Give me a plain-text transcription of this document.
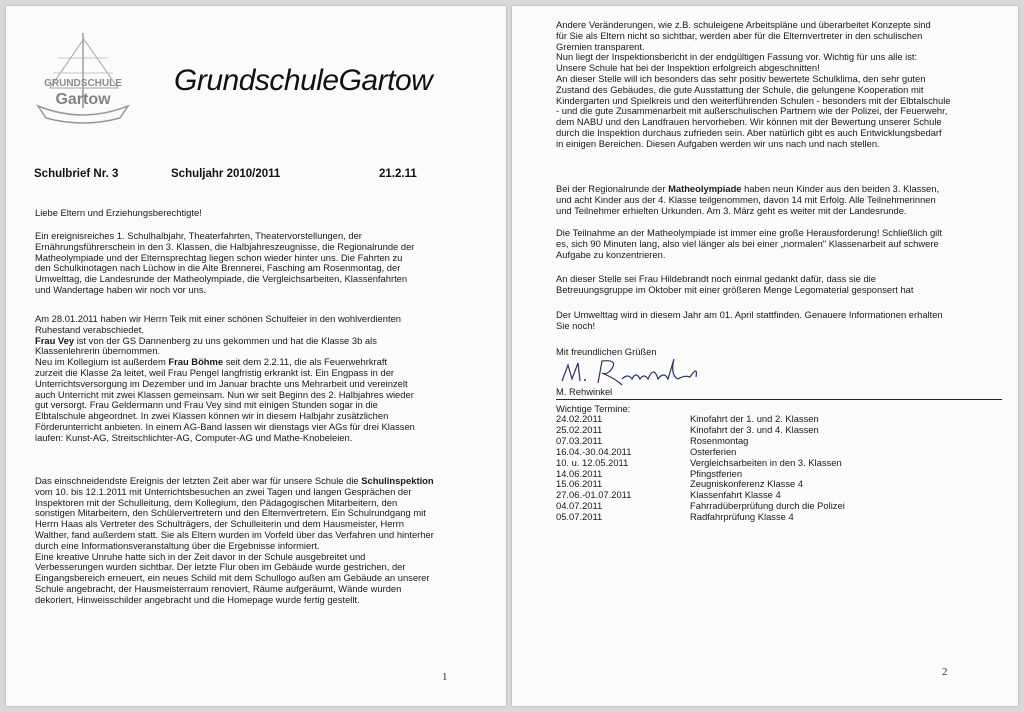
GRUNDSCHULE
Gartow
GrundschuleGartow
Schulbrief Nr. 3	Schuljahr 2010/2011	21.2.11

Liebe Eltern und Erziehungsberechtigte!

Ein ereignisreiches 1. Schulhalbjahr, Theaterfahrten, Theatervorstellungen, der Ernährungsführerschein in den 3. Klassen, die Halbjahreszeugnisse, die Regionalrunde der Matheolympiade und der Elternsprechtag liegen schon wieder hinter uns. Die Fahrten zu den Schulkinotagen nach Lüchow in die Alte Brennerei, Fasching am Rosenmontag, der Umwelttag, die Landesrunde der Matheolympiade, die Vergleichsarbeiten, Klassenfahrten und Wandertage haben wir noch vor uns.

Am 28.01.2011 haben wir Herrn Teik mit einer schönen Schulfeier in den wohlverdienten Ruhestand verabschiedet.
Frau Vey ist von der GS Dannenberg zu uns gekommen und hat die Klasse 3b als Klassenlehrerin übernommen.
Neu im Kollegium ist außerdem Frau Böhme seit dem 2.2.11, die als Feuerwehrkraft zurzeit die Klasse 2a leitet, weil Frau Pengel langfristig erkrankt ist. Ein Engpass in der Unterrichtsversorgung im Dezember und im Januar brachte uns Mehrarbeit und vereinzelt auch Unterricht mit zwei Klassen gemeinsam. Nun wir seit Beginn des 2. Halbjahres wieder gut versorgt. Frau Geldermann und Frau Vey sind mit einigen Stunden sogar in die Elbtalschule abgeordnet. In zwei Klassen können wir in diesem Halbjahr zusätzlichen Förderunterricht anbieten. In einem AG-Band lassen wir dienstags vier AGs für drei Klassen laufen: Kunst-AG, Streitschlichter-AG, Computer-AG und Mathe-Knobeleien.
Das einschneidendste Ereignis der letzten Zeit aber war für unsere Schule die Schulinspektion vom 10. bis 12.1.2011 mit Unterrichtsbesuchen an zwei Tagen und langen Gesprächen der Inspektoren mit der Schulleitung, dem Kollegium, den Pädagogischen Mitarbeitern, den sonstigen Mitarbeitern, den Schülervertretern und den Elternvertretern. Ein Schulrundgang mit Herrn Haas als Vertreter des Schulträgers, der Schulleiterin und dem Hausmeister, Herrn Walther, fand außerdem statt. Sie als Eltern wurden im Vorfeld über das Verfahren und hinterher durch eine Informationsveranstaltung über die Ergebnisse informiert.
Eine kreative Unruhe hatte sich in der Zeit davor in der Schule ausgebreitet und Verbesserungen wurden sichtbar. Der letzte Flur oben im Gebäude wurde gestrichen, der Eingangsbereich erneuert, ein neues Schild mit dem Schullogo außen am Gebäude an unserer Schule angebracht, der Hausmeisterraum renoviert, Räume aufgeräumt, Wände wurden dekoriert, Hinweisschilder angebracht und die Homepage wurde fertig gestellt.
1

Andere Veränderungen, wie z.B. schuleigene Arbeitspläne und überarbeitet Konzepte sind für Sie als Eltern nicht so sichtbar, werden aber für die Elternvertreter in den schulischen Gremien transparent.

Nun liegt der Inspektionsbericht in der endgültigen Fassung vor. Wichtig für uns alle ist: Unsere Schule hat bei der Inspektion erfolgreich abgeschnitten!

An dieser Stelle will ich besonders das sehr positiv bewertete Schulklima, den sehr guten Zustand des Gebäudes, die gute Ausstattung der Schule, die gelungene Kooperation mit Kindergarten und Spielkreis und den weiterführenden Schulen - besonders mit der Elbtalschule - und die gute Zusammenarbeit mit außerschulischen Partnern wie der Polizei, der Feuerwehr, dem NABU und den Landfrauen hervorheben. Wir können mit der Bewertung unserer Schule durch die Inspektion durchaus zufrieden sein. Aber natürlich gibt es auch Entwicklungsbedarf in einigen Bereichen. Diesen Aufgaben werden wir uns nach und nach stellen.

Bei der Regionalrunde der Matheolympiade haben neun Kinder aus den beiden 3. Klassen, und acht Kinder aus der 4. Klasse teilgenommen, davon 14 mit Erfolg. Alle Teilnehmerinnen und Teilnehmer erhielten Urkunden. Am 3. März geht es weiter mit der Landesrunde.

Die Teilnahme an der Matheolympiade ist immer eine große Herausforderung! Schließlich gilt es, sich 90 Minuten lang, also viel länger als bei einer „normalen" Klassenarbeit auf schwere Aufgabe zu konzentrieren.

An dieser Stelle sei Frau Hildebrandt noch einmal gedankt dafür, dass sie die Betreuungsgruppe im Oktober mit einer größeren Menge Legomaterial gesponsert hat

Der Umwelttag wird in diesem Jahr am 01. April stattfinden. Genauere Informationen erhalten Sie noch!

Mit freundlichen Grüßen

M. Rehwinkel

Wichtige Termine:

24.02.2011	Kinofahrt der 1. und 2. Klassen
25.02.2011	Kinofahrt der 3. und 4. Klassen
07.03.2011	Rosenmontag
16.04.-30.04.2011	Osterferien
10. u. 12.05.2011	Vergleichsarbeiten in den 3. Klassen
14.06.2011	Pfingstferien
15.06.2011	Zeugniskonferenz Klasse 4
27.06.-01.07.2011	Klassenfahrt Klasse 4
04.07.2011	Fahrradüberprüfung durch die Polizei
05.07.2011	Radfahrprüfung Klasse 4
2
